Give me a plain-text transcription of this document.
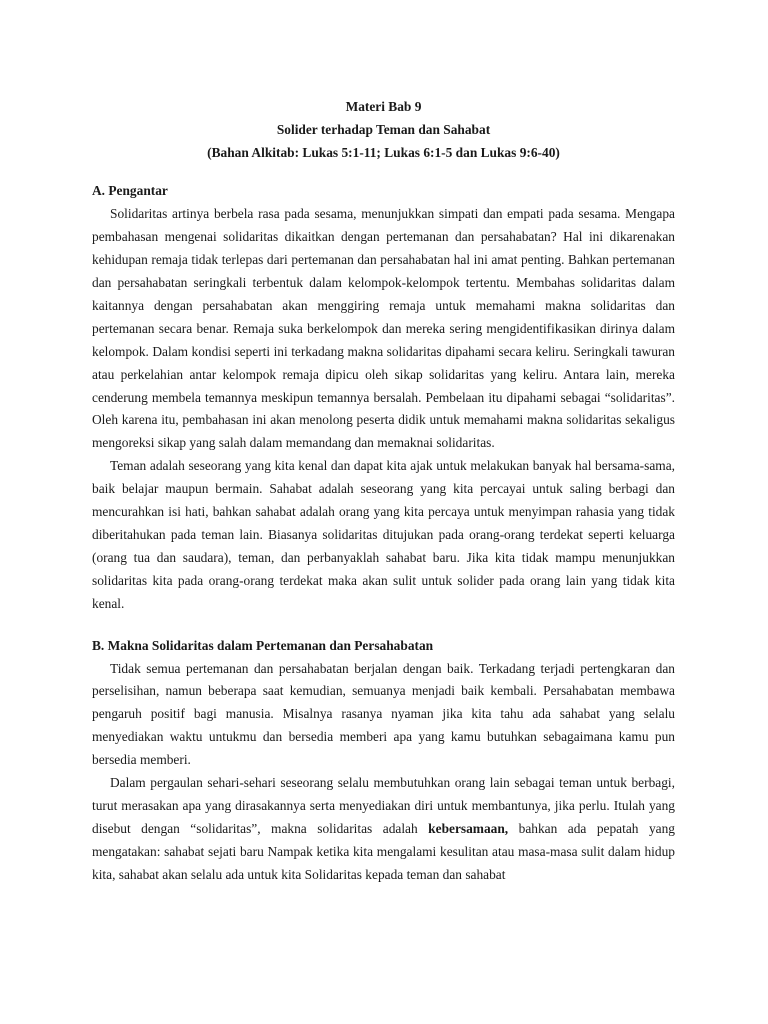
Materi Bab 9
Solider terhadap Teman dan Sahabat
(Bahan Alkitab: Lukas 5:1-11; Lukas 6:1-5 dan Lukas 9:6-40)
A. Pengantar

Solidaritas artinya berbela rasa pada sesama, menunjukkan simpati dan empati pada sesama. Mengapa pembahasan mengenai solidaritas dikaitkan dengan pertemanan dan persahabatan? Hal ini dikarenakan kehidupan remaja tidak terlepas dari pertemanan dan persahabatan hal ini amat penting. Bahkan pertemanan dan persahabatan seringkali terbentuk dalam kelompok-kelompok tertentu. Membahas solidaritas dalam kaitannya dengan persahabatan akan menggiring remaja untuk memahami makna solidaritas dan pertemanan secara benar. Remaja suka berkelompok dan mereka sering mengidentifikasikan dirinya dalam kelompok. Dalam kondisi seperti ini terkadang makna solidaritas dipahami secara keliru. Seringkali tawuran atau perkelahian antar kelompok remaja dipicu oleh sikap solidaritas yang keliru. Antara lain, mereka cenderung membela temannya meskipun temannya bersalah. Pembelaan itu dipahami sebagai “solidaritas”. Oleh karena itu, pembahasan ini akan menolong peserta didik untuk memahami makna solidaritas sekaligus mengoreksi sikap yang salah dalam memandang dan memaknai solidaritas.

Teman adalah seseorang yang kita kenal dan dapat kita ajak untuk melakukan banyak hal bersama-sama, baik belajar maupun bermain. Sahabat adalah seseorang yang kita percayai untuk saling berbagi dan mencurahkan isi hati, bahkan sahabat adalah orang yang kita percaya untuk menyimpan rahasia yang tidak diberitahukan pada teman lain. Biasanya solidaritas ditujukan pada orang-orang terdekat seperti keluarga (orang tua dan saudara), teman, dan perbanyaklah sahabat baru. Jika kita tidak mampu menunjukkan solidaritas kita pada orang-orang terdekat maka akan sulit untuk solider pada orang lain yang tidak kita kenal.

B. Makna Solidaritas dalam Pertemanan dan Persahabatan

Tidak semua pertemanan dan persahabatan berjalan dengan baik. Terkadang terjadi pertengkaran dan perselisihan, namun beberapa saat kemudian, semuanya menjadi baik kembali. Persahabatan membawa pengaruh positif bagi manusia. Misalnya rasanya nyaman jika kita tahu ada sahabat yang selalu menyediakan waktu untukmu dan bersedia memberi apa yang kamu butuhkan sebagaimana kamu pun bersedia memberi.

Dalam pergaulan sehari-sehari seseorang selalu membutuhkan orang lain sebagai teman untuk berbagi, turut merasakan apa yang dirasakannya serta menyediakan diri untuk membantunya, jika perlu. Itulah yang disebut dengan “solidaritas”, makna solidaritas adalah kebersamaan, bahkan ada pepatah yang mengatakan: sahabat sejati baru Nampak ketika kita mengalami kesulitan atau masa-masa sulit dalam hidup kita, sahabat akan selalu ada untuk kita Solidaritas kepada teman dan sahabat
